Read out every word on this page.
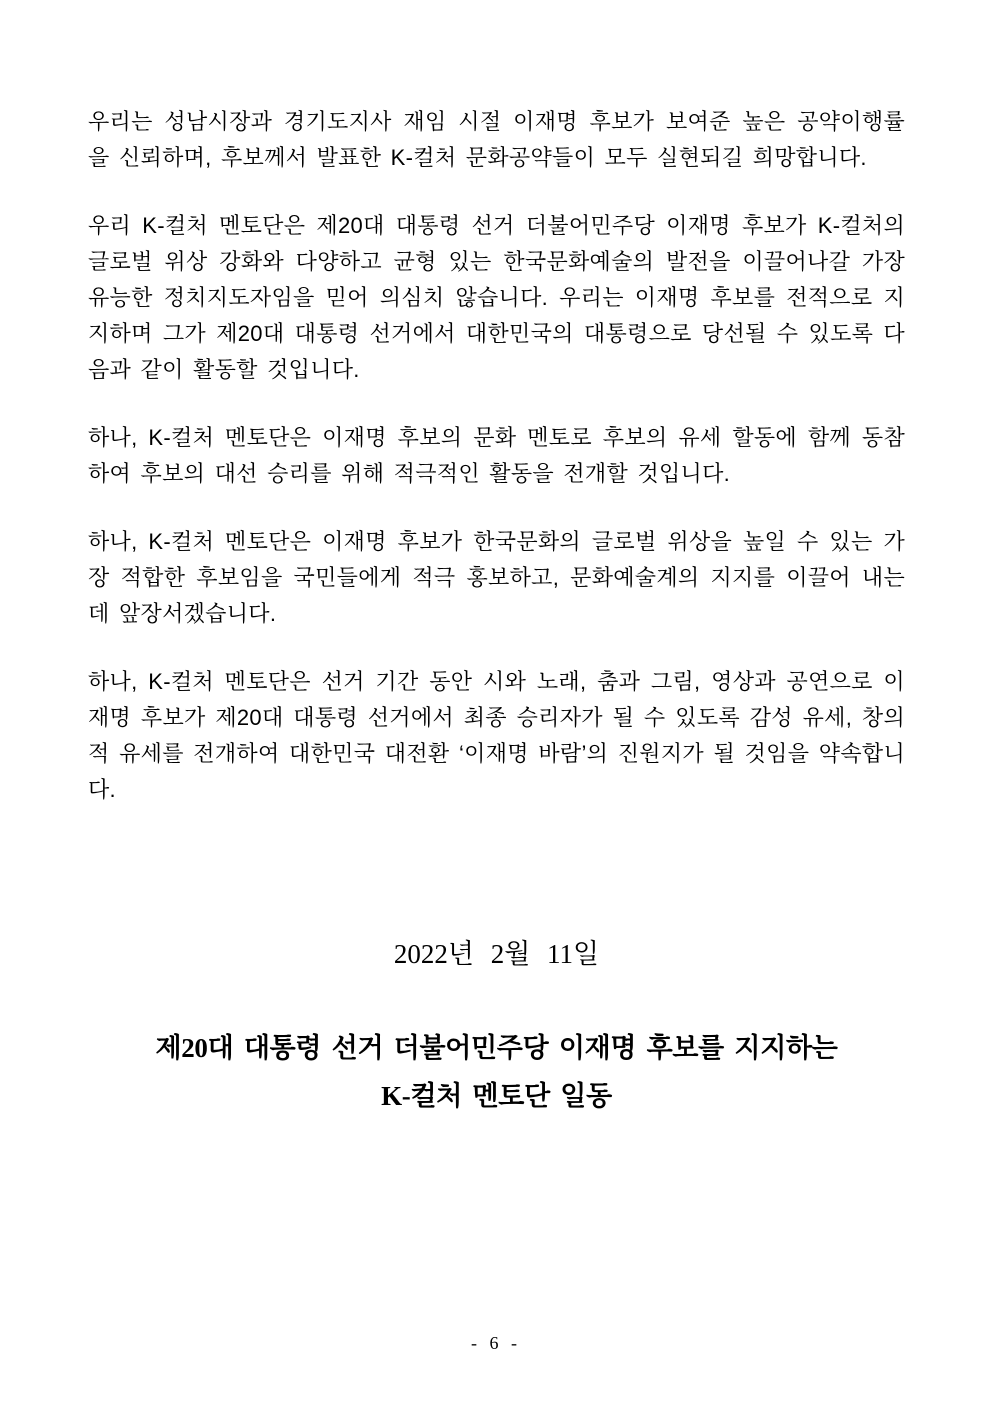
우리는 성남시장과 경기도지사 재임 시절 이재명 후보가 보여준 높은 공약이행률을 신뢰하며, 후보께서 발표한 K-컬처 문화공약들이 모두 실현되길 희망합니다.

우리 K-컬처 멘토단은 제20대 대통령 선거 더불어민주당 이재명 후보가 K-컬처의 글로벌 위상 강화와 다양하고 균형 있는 한국문화예술의 발전을 이끌어나갈 가장 유능한 정치지도자임을 믿어 의심치 않습니다. 우리는 이재명 후보를 전적으로 지지하며 그가 제20대 대통령 선거에서 대한민국의 대통령으로 당선될 수 있도록 다음과 같이 활동할 것입니다.

하나, K-컬처 멘토단은 이재명 후보의 문화 멘토로 후보의 유세 할동에 함께 동참하여 후보의 대선 승리를 위해 적극적인 활동을 전개할 것입니다.

하나, K-컬처 멘토단은 이재명 후보가 한국문화의 글로벌 위상을 높일 수 있는 가장 적합한 후보임을 국민들에게 적극 홍보하고, 문화예술계의 지지를 이끌어 내는 데 앞장서겠습니다.

하나, K-컬처 멘토단은 선거 기간 동안 시와 노래, 춤과 그림, 영상과 공연으로 이재명 후보가 제20대 대통령 선거에서 최종 승리자가 될 수 있도록 감성 유세, 창의적 유세를 전개하여 대한민국 대전환 ‘이재명 바람’의 진원지가 될 것임을 약속합니다.

2022년 2월 11일
제20대 대통령 선거 더불어민주당 이재명 후보를 지지하는
K-컬처 멘토단 일동
- 6 -
